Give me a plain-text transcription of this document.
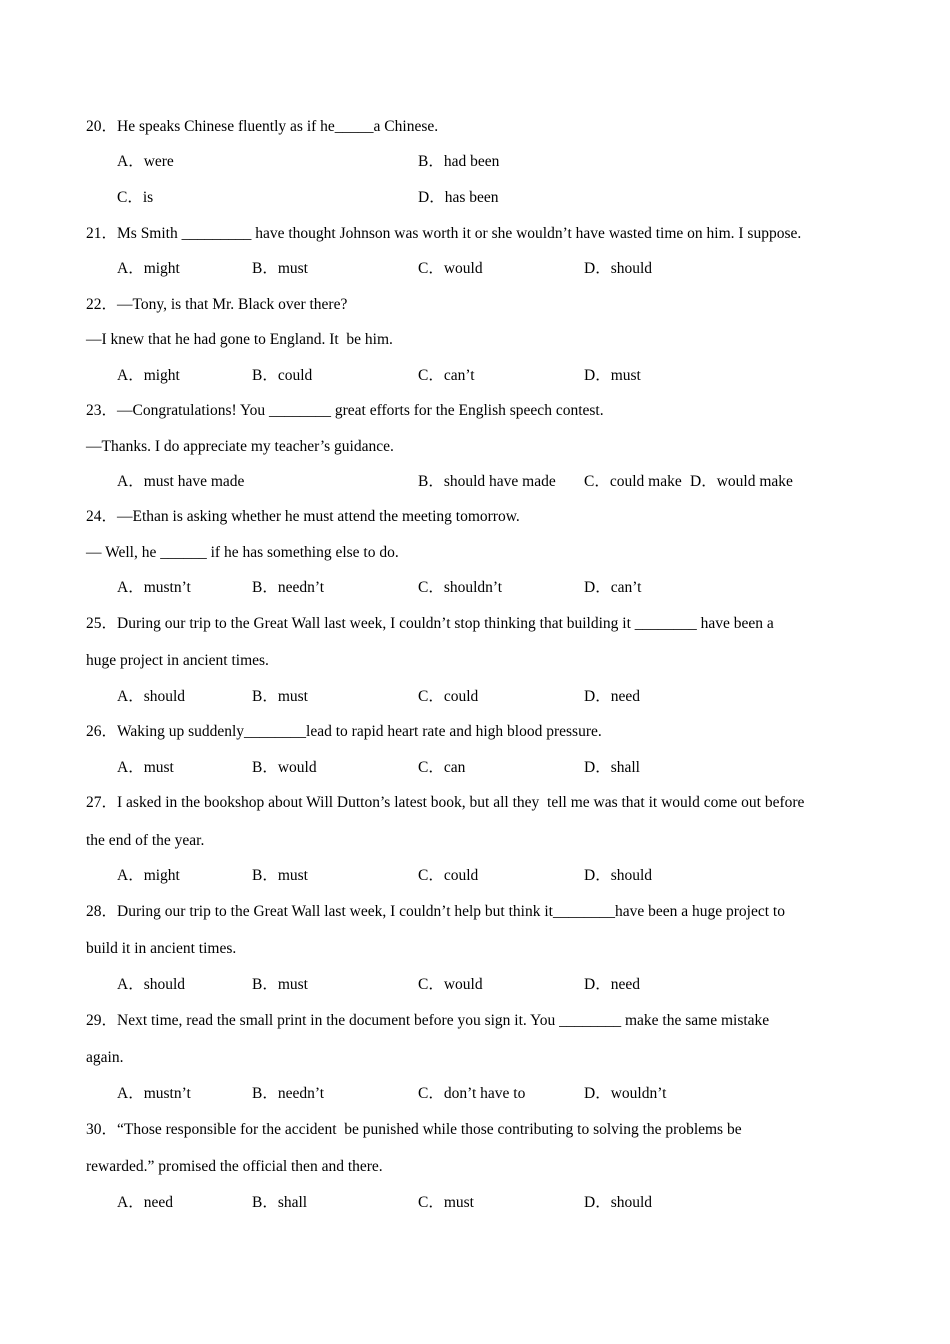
20．He speaks Chinese fluently as if he_____a Chinese.
A．were	B．had been
C．is	D．has been
21．Ms Smith _________ have thought Johnson was worth it or she wouldn’t have wasted time on him. I suppose.
A．might	B．must	C．would	D．should
22．—Tony, is that Mr. Black over there?
—I knew that he had gone to England. It  be him.
A．might	B．could	C．can’t	D．must
23．—Congratulations! You ________ great efforts for the English speech contest.
—Thanks. I do appreciate my teacher’s guidance.
A．must have made	B．should have made C．could make D．would make
24．—Ethan is asking whether he must attend the meeting tomorrow.
— Well, he ______ if he has something else to do.
A．mustn’t	B．needn’t	C．shouldn’t	D．can’t
25．During our trip to the Great Wall last week, I couldn’t stop thinking that building it ________ have been a
huge project in ancient times.
A．should	B．must	C．could	D．need
26．Waking up suddenly________lead to rapid heart rate and high blood pressure.
A．must	B．would	C．can	D．shall
27．I asked in the bookshop about Will Dutton’s latest book, but all they  tell me was that it would come out before
the end of the year.
A．might	B．must	C．could	D．should
28．During our trip to the Great Wall last week, I couldn’t help but think it________have been a huge project to
build it in ancient times.
A．should	B．must	C．would	D．need
29．Next time, read the small print in the document before you sign it. You ________ make the same mistake
again.
A．mustn’t	B．needn’t	C．don’t have to	D．wouldn’t
30．“Those responsible for the accident  be punished while those contributing to solving the problems be
rewarded.” promised the official then and there.
A．need	B．shall	C．must	D．should
